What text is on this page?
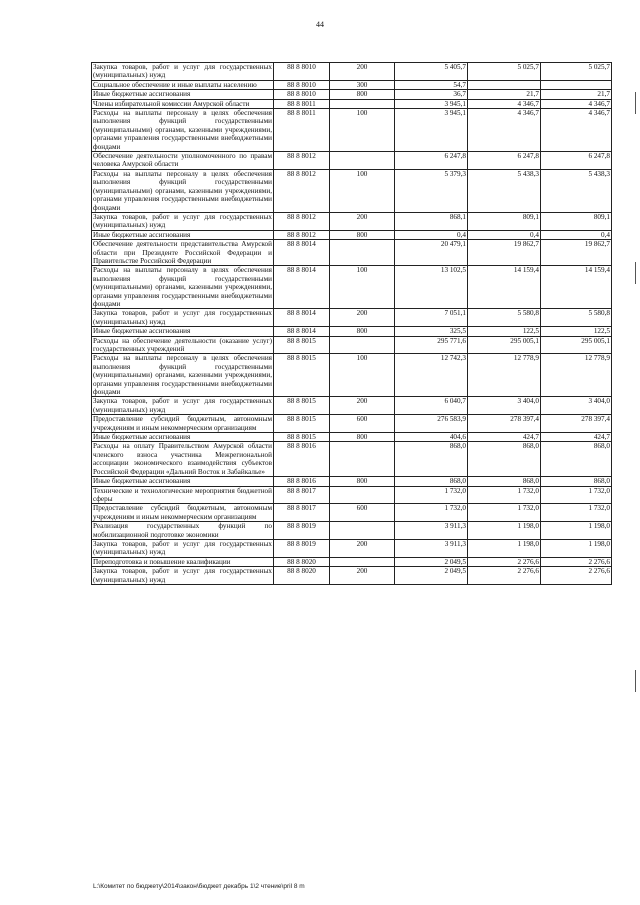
44
Закупка товаров, работ и услуг для государственных (муниципальных) нужд	88 8 8010	200	5 405,7	5 025,7	5 025,7
Социальное обеспечение и иные выплаты населению	88 8 8010	300	54,7		
Иные бюджетные ассигнования	88 8 8010	800	36,7	21,7	21,7
Члены избирательной комиссии Амурской области	88 8 8011		3 945,1	4 346,7	4 346,7
Расходы на выплаты персоналу в целях обеспечения выполнения функций государственными (муниципальными) органами, казенными учреждениями, органами управления государственными внебюджетными фондами	88 8 8011	100	3 945,1	4 346,7	4 346,7
Обеспечение деятельности уполномоченного по правам человека Амурской области	88 8 8012		6 247,8	6 247,8	6 247,8
Расходы на выплаты персоналу в целях обеспечения выполнения функций государственными (муниципальными) органами, казенными учреждениями, органами управления государственными внебюджетными фондами	88 8 8012	100	5 379,3	5 438,3	5 438,3
Закупка товаров, работ и услуг для государственных (муниципальных) нужд	88 8 8012	200	868,1	809,1	809,1
Иные бюджетные ассигнования	88 8 8012	800	0,4	0,4	0,4
Обеспечение деятельности представительства Амурской области при Президенте Российской Федерации и Правительстве Российской Федерации	88 8 8014		20 479,1	19 862,7	19 862,7
Расходы на выплаты персоналу в целях обеспечения выполнения функций государственными (муниципальными) органами, казенными учреждениями, органами управления государственными внебюджетными фондами	88 8 8014	100	13 102,5	14 159,4	14 159,4
Закупка товаров, работ и услуг для государственных (муниципальных) нужд	88 8 8014	200	7 051,1	5 580,8	5 580,8
Иные бюджетные ассигнования	88 8 8014	800	325,5	122,5	122,5
Расходы на обеспечение деятельности (оказание услуг) государственных учреждений	88 8 8015		295 771,6	295 005,1	295 005,1
Расходы на выплаты персоналу в целях обеспечения выполнения функций государственными (муниципальными) органами, казенными учреждениями, органами управления государственными внебюджетными фондами	88 8 8015	100	12 742,3	12 778,9	12 778,9
Закупка товаров, работ и услуг для государственных (муниципальных) нужд	88 8 8015	200	6 040,7	3 404,0	3 404,0
Предоставление субсидий бюджетным, автономным учреждениям и иным некоммерческим организациям	88 8 8015	600	276 583,9	278 397,4	278 397,4
Иные бюджетные ассигнования	88 8 8015	800	404,6	424,7	424,7
Расходы на оплату Правительством Амурской области членского взноса участника Межрегиональной ассоциации экономического взаимодействия субъектов Российской Федерации «Дальний Восток и Забайкалье»	88 8 8016		868,0	868,0	868,0
Иные бюджетные ассигнования	88 8 8016	800	868,0	868,0	868,0
Технические и технологические мероприятия бюджетной сферы	88 8 8017		1 732,0	1 732,0	1 732,0
Предоставление субсидий бюджетным, автономным учреждениям и иным некоммерческим организациям	88 8 8017	600	1 732,0	1 732,0	1 732,0
Реализация государственных функций по мобилизационной подготовке экономики	88 8 8019		3 911,3	1 198,0	1 198,0
Закупка товаров, работ и услуг для государственных (муниципальных) нужд	88 8 8019	200	3 911,3	1 198,0	1 198,0
Переподготовка и повышение квалификации	88 8 8020		2 049,5	2 276,6	2 276,6
Закупка товаров, работ и услуг для государственных (муниципальных) нужд	88 8 8020	200	2 049,5	2 276,6	2 276,6
L:\Комитет по бюджету\2014\закон\бюджет декабрь 1\2 чтение\pril 8 m
